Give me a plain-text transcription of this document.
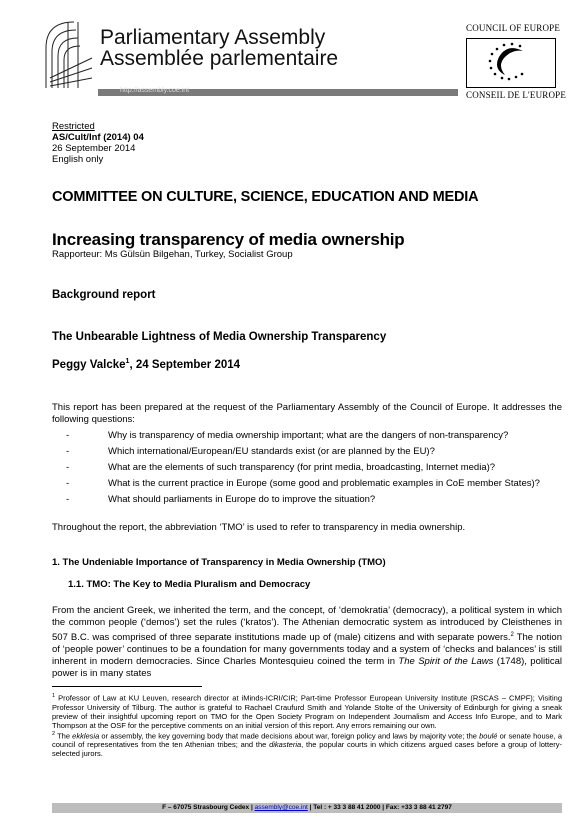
Parliamentary Assembly
Assemblée parlementaire
http://assembly.coe.int
COUNCIL OF EUROPE
CONSEIL DE L'EUROPE
Restricted
AS/Cult/Inf (2014) 04
26 September 2014
English only
COMMITTEE ON CULTURE, SCIENCE, EDUCATION AND MEDIA
Increasing transparency of media ownership
Rapporteur: Ms Gülsün Bilgehan, Turkey, Socialist Group
Background report
The Unbearable Lightness of Media Ownership Transparency
Peggy Valcke$^1$, 24 September 2014
This report has been prepared at the request of the Parliamentary Assembly of the Council of Europe. It addresses the following questions:
-	Why is transparency of media ownership important; what are the dangers of non-transparency?
-	Which international/European/EU standards exist (or are planned by the EU)?
-	What are the elements of such transparency (for print media, broadcasting, Internet media)?
-	What is the current practice in Europe (some good and problematic examples in CoE member States)?
-	What should parliaments in Europe do to improve the situation?
Throughout the report, the abbreviation ‘TMO’ is used to refer to transparency in media ownership.
1. The Undeniable Importance of Transparency in Media Ownership (TMO)
1.1. TMO: The Key to Media Pluralism and Democracy
From the ancient Greek, we inherited the term, and the concept, of ‘demokratia’ (democracy), a political system in which the common people (‘demos’) set the rules (‘kratos’). The Athenian democratic system as introduced by Cleisthenes in 507 B.C. was comprised of three separate institutions made up of (male) citizens and with separate powers.$^2$ The notion of ‘people power’ continues to be a foundation for many governments today and a system of ‘checks and balances’ is still inherent in modern democracies. Since Charles Montesquieu coined the term in The Spirit of the Laws (1748), political power is in many states

$^1$ Professor of Law at KU Leuven, research director at iMinds-ICRI/CIR; Part-time Professor European University Institute (RSCAS – CMPF); Visiting Professor University of Tilburg. The author is grateful to Rachael Craufurd Smith and Yolande Stolte of the University of Edinburgh for giving a sneak preview of their insightful upcoming report on TMO for the Open Society Program on Independent Journalism and Access Info Europe, and to Mark Thompson at the OSF for the perceptive comments on an initial version of this report. Any errors remaining our own.

$^2$ The ekklesia or assembly, the key governing body that made decisions about war, foreign policy and laws by majority vote; the boulé or senate house, a council of representatives from the ten Athenian tribes; and the dikasteria, the popular courts in which citizens argued cases before a group of lottery-selected jurors.

F – 67075 Strasbourg Cedex | assembly@coe.int | Tel : + 33 3 88 41 2000 | Fax: +33 3 88 41 2797
